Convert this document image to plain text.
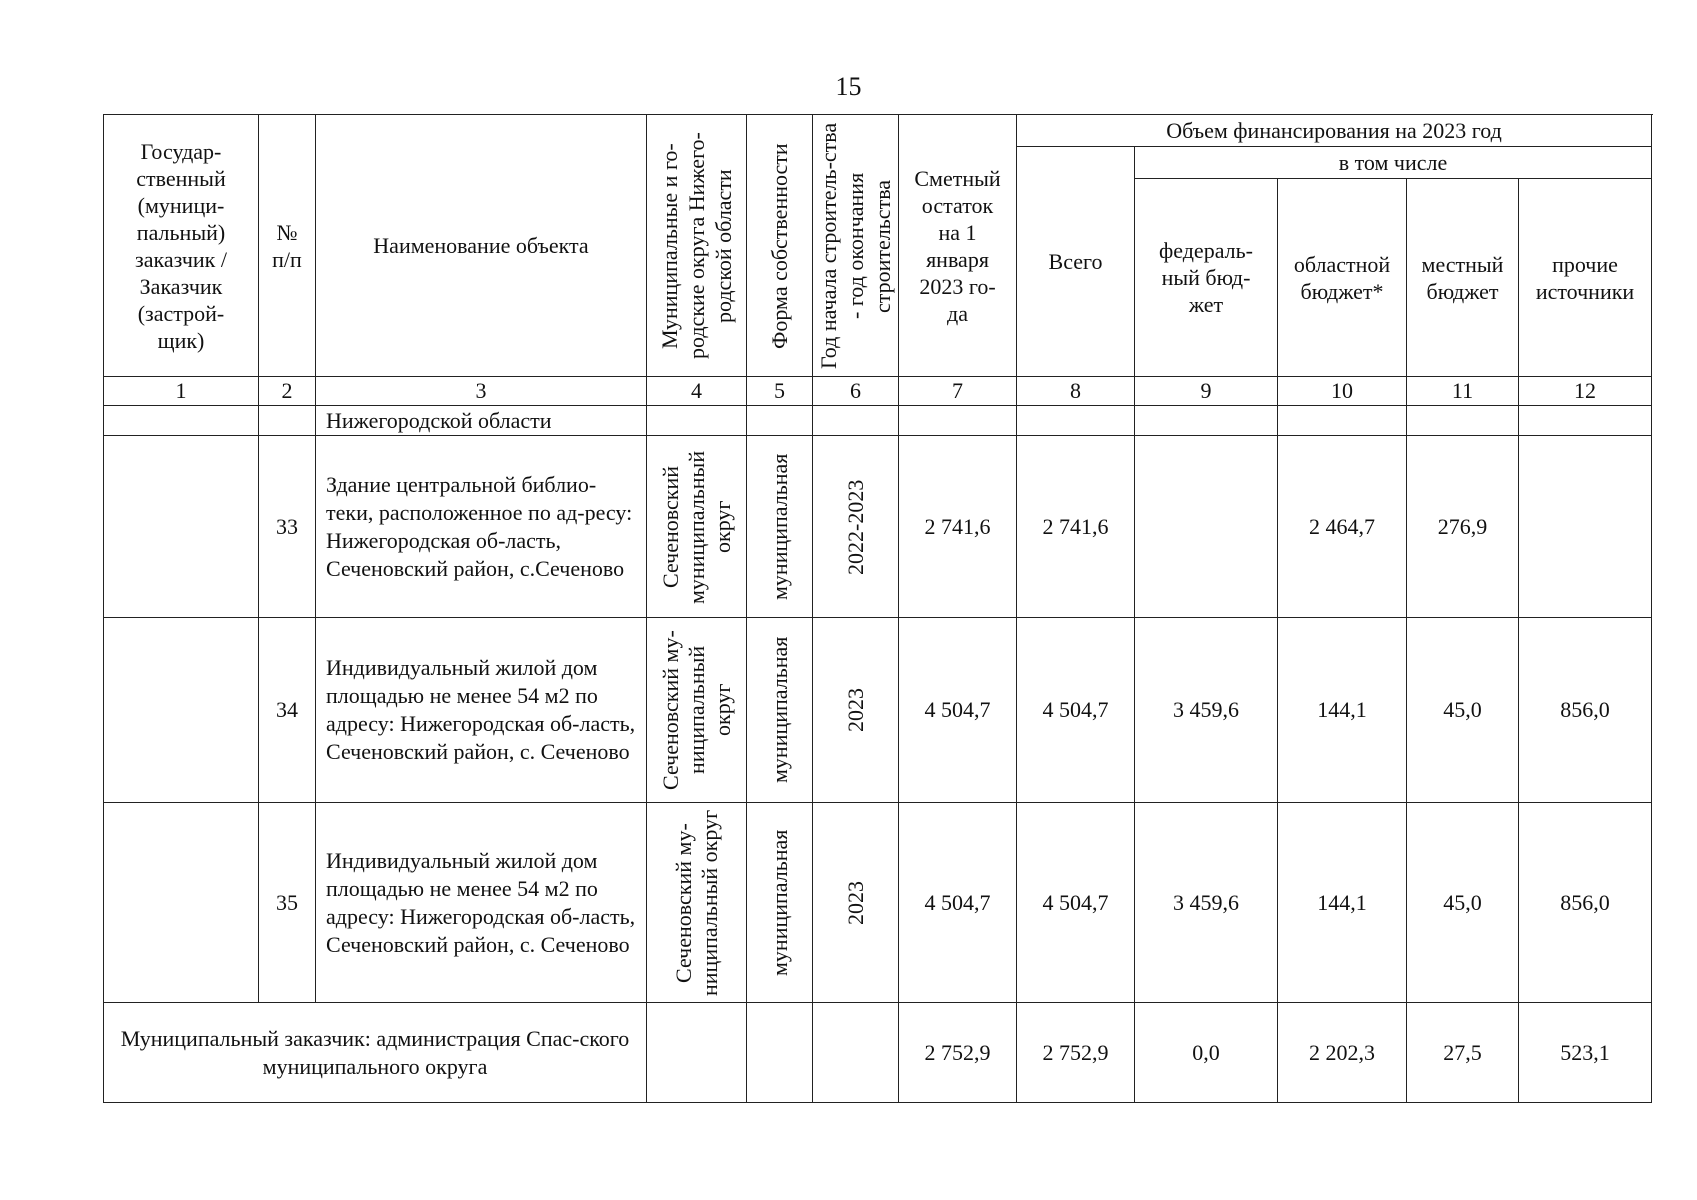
15
Государ-ственный (муници-пальный) заказчик / Заказчик (застрой-щик)	№ п/п	Наименование объекта	Муниципальные и го-родские округа Нижего-родской области	Форма собственности	Год начала строитель-ства - год окончания строительства	Сметный остаток на 1 января 2023 го-да	Объем финансирования на 2023 год				
							Всего	в том числе			

								федераль-ный бюд-жет	областной бюджет*	местный бюджет	прочие источники

1	2	3	4	5	6	7	8	9	10	11	12
		Нижегородской области									
	33	Здание центральной библио-теки, расположенное по ад-ресу: Нижегородская об-ласть, Сеченовский район, с.Сеченово	Сеченовский муниципальный округ	муниципальная	2022-2023	2 741,6	2 741,6		2 464,7	276,9	
	34	Индивидуальный жилой дом площадью не менее 54 м2 по адресу: Нижегородская об-ласть, Сеченовский район, с. Сеченово	Сеченовский му-ниципальный округ	муниципальная	2023	4 504,7	4 504,7	3 459,6	144,1	45,0	856,0
	35	Индивидуальный жилой дом площадью не менее 54 м2 по адресу: Нижегородская об-ласть, Сеченовский район, с. Сеченово	Сеченовский му-ниципальный округ	муниципальная	2023	4 504,7	4 504,7	3 459,6	144,1	45,0	856,0

Муниципальный заказчик: администрация Спас-ского муниципального округа						2 752,9	2 752,9	0,0	2 202,3	27,5	523,1
